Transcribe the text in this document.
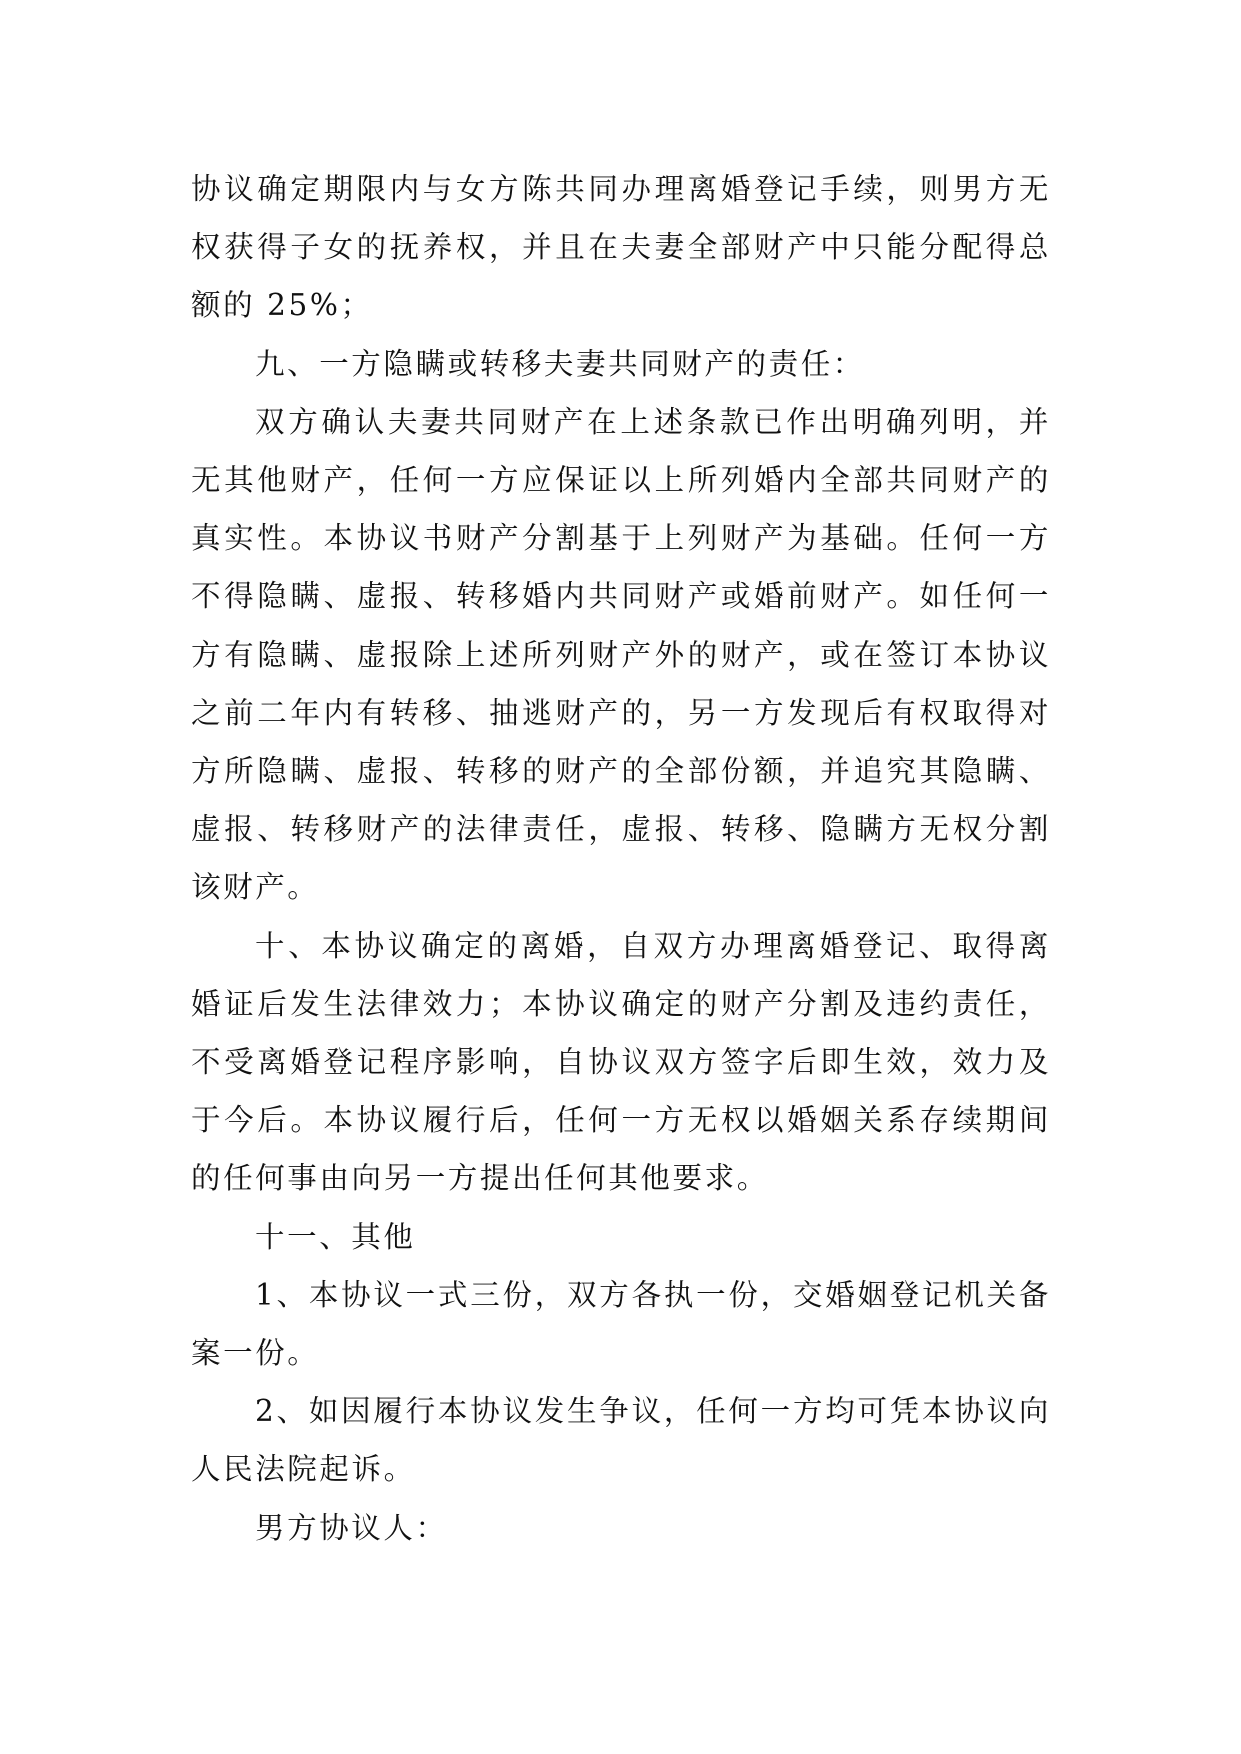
协议确定期限内与女方陈共同办理离婚登记手续，则男方无权获得子女的抚养权，并且在夫妻全部财产中只能分配得总额的 25%；

九、一方隐瞒或转移夫妻共同财产的责任：

双方确认夫妻共同财产在上述条款已作出明确列明，并无其他财产，任何一方应保证以上所列婚内全部共同财产的真实性。本协议书财产分割基于上列财产为基础。任何一方不得隐瞒、虚报、转移婚内共同财产或婚前财产。如任何一方有隐瞒、虚报除上述所列财产外的财产，或在签订本协议之前二年内有转移、抽逃财产的，另一方发现后有权取得对方所隐瞒、虚报、转移的财产的全部份额，并追究其隐瞒、虚报、转移财产的法律责任，虚报、转移、隐瞒方无权分割该财产。

十、本协议确定的离婚，自双方办理离婚登记、取得离婚证后发生法律效力；本协议确定的财产分割及违约责任，不受离婚登记程序影响，自协议双方签字后即生效，效力及于今后。本协议履行后，任何一方无权以婚姻关系存续期间的任何事由向另一方提出任何其他要求。

十一、其他

1、本协议一式三份，双方各执一份，交婚姻登记机关备案一份。

2、如因履行本协议发生争议，任何一方均可凭本协议向人民法院起诉。

男方协议人：
